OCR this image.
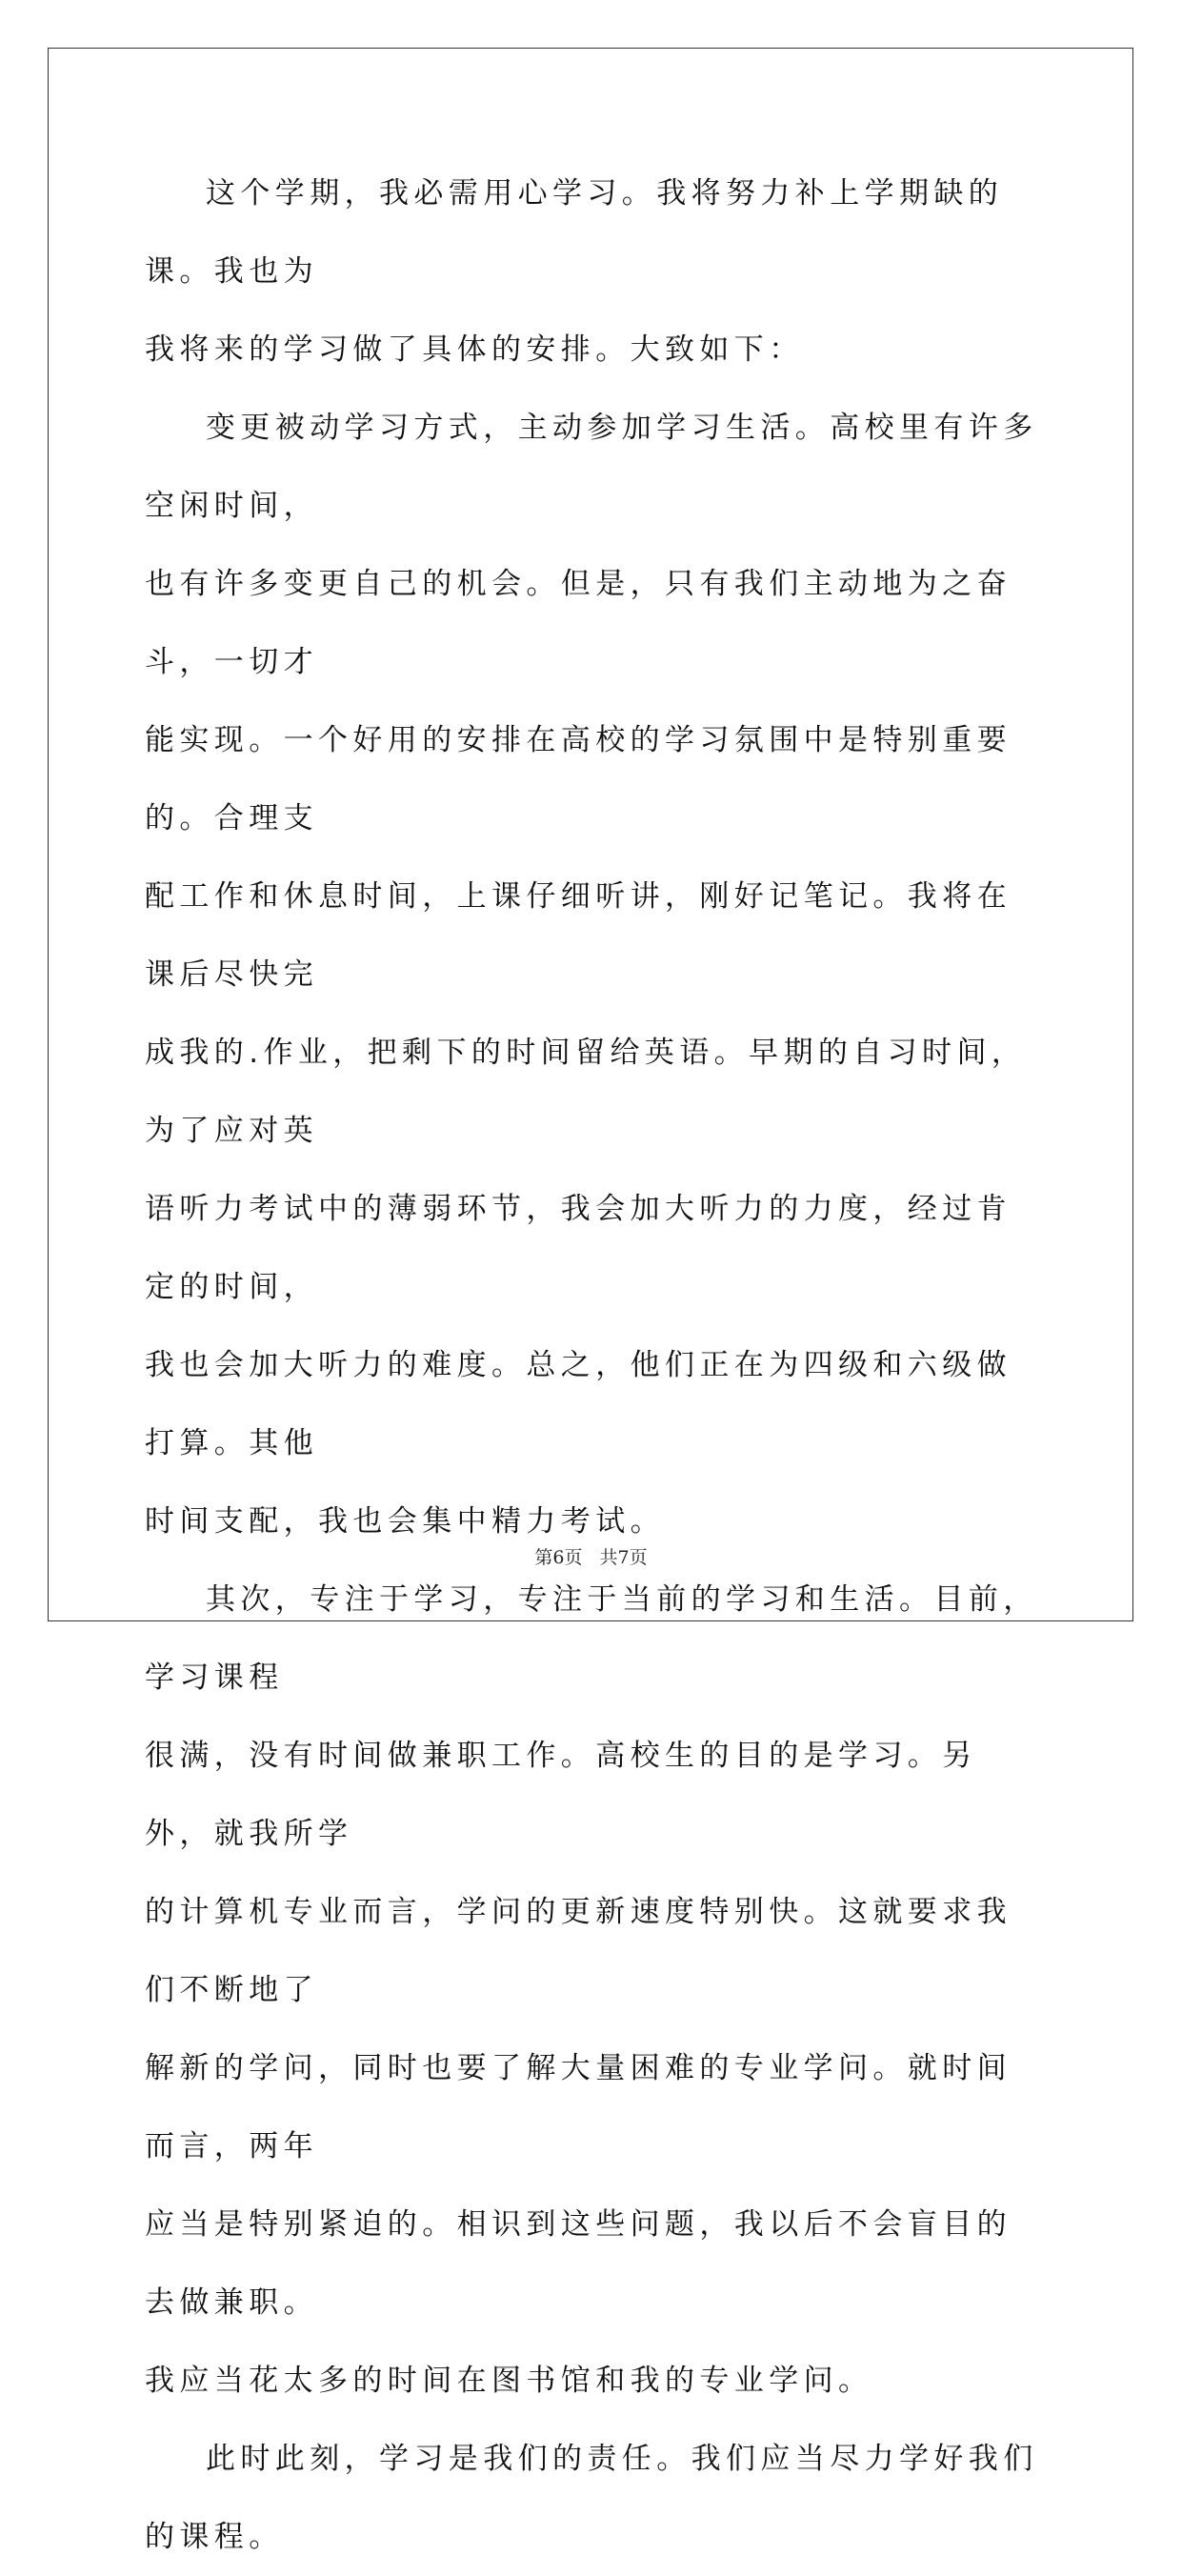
这个学期，我必需用心学习。我将努力补上学期缺的课。我也为
我将来的学习做了具体的安排。大致如下：

变更被动学习方式，主动参加学习生活。高校里有许多空闲时间，
也有许多变更自己的机会。但是，只有我们主动地为之奋斗，一切才
能实现。一个好用的安排在高校的学习氛围中是特别重要的。合理支
配工作和休息时间，上课仔细听讲，刚好记笔记。我将在课后尽快完
成我的.作业，把剩下的时间留给英语。早期的自习时间，为了应对英
语听力考试中的薄弱环节，我会加大听力的力度，经过肯定的时间，
我也会加大听力的难度。总之，他们正在为四级和六级做打算。其他
时间支配，我也会集中精力考试。

其次，专注于学习，专注于当前的学习和生活。目前，学习课程
很满，没有时间做兼职工作。高校生的目的是学习。另外，就我所学
的计算机专业而言，学问的更新速度特别快。这就要求我们不断地了
解新的学问，同时也要了解大量困难的专业学问。就时间而言，两年
应当是特别紧迫的。相识到这些问题，我以后不会盲目的去做兼职。
我应当花太多的时间在图书馆和我的专业学问。

此时此刻，学习是我们的责任。我们应当尽力学好我们的课程。

第6页 共7页
